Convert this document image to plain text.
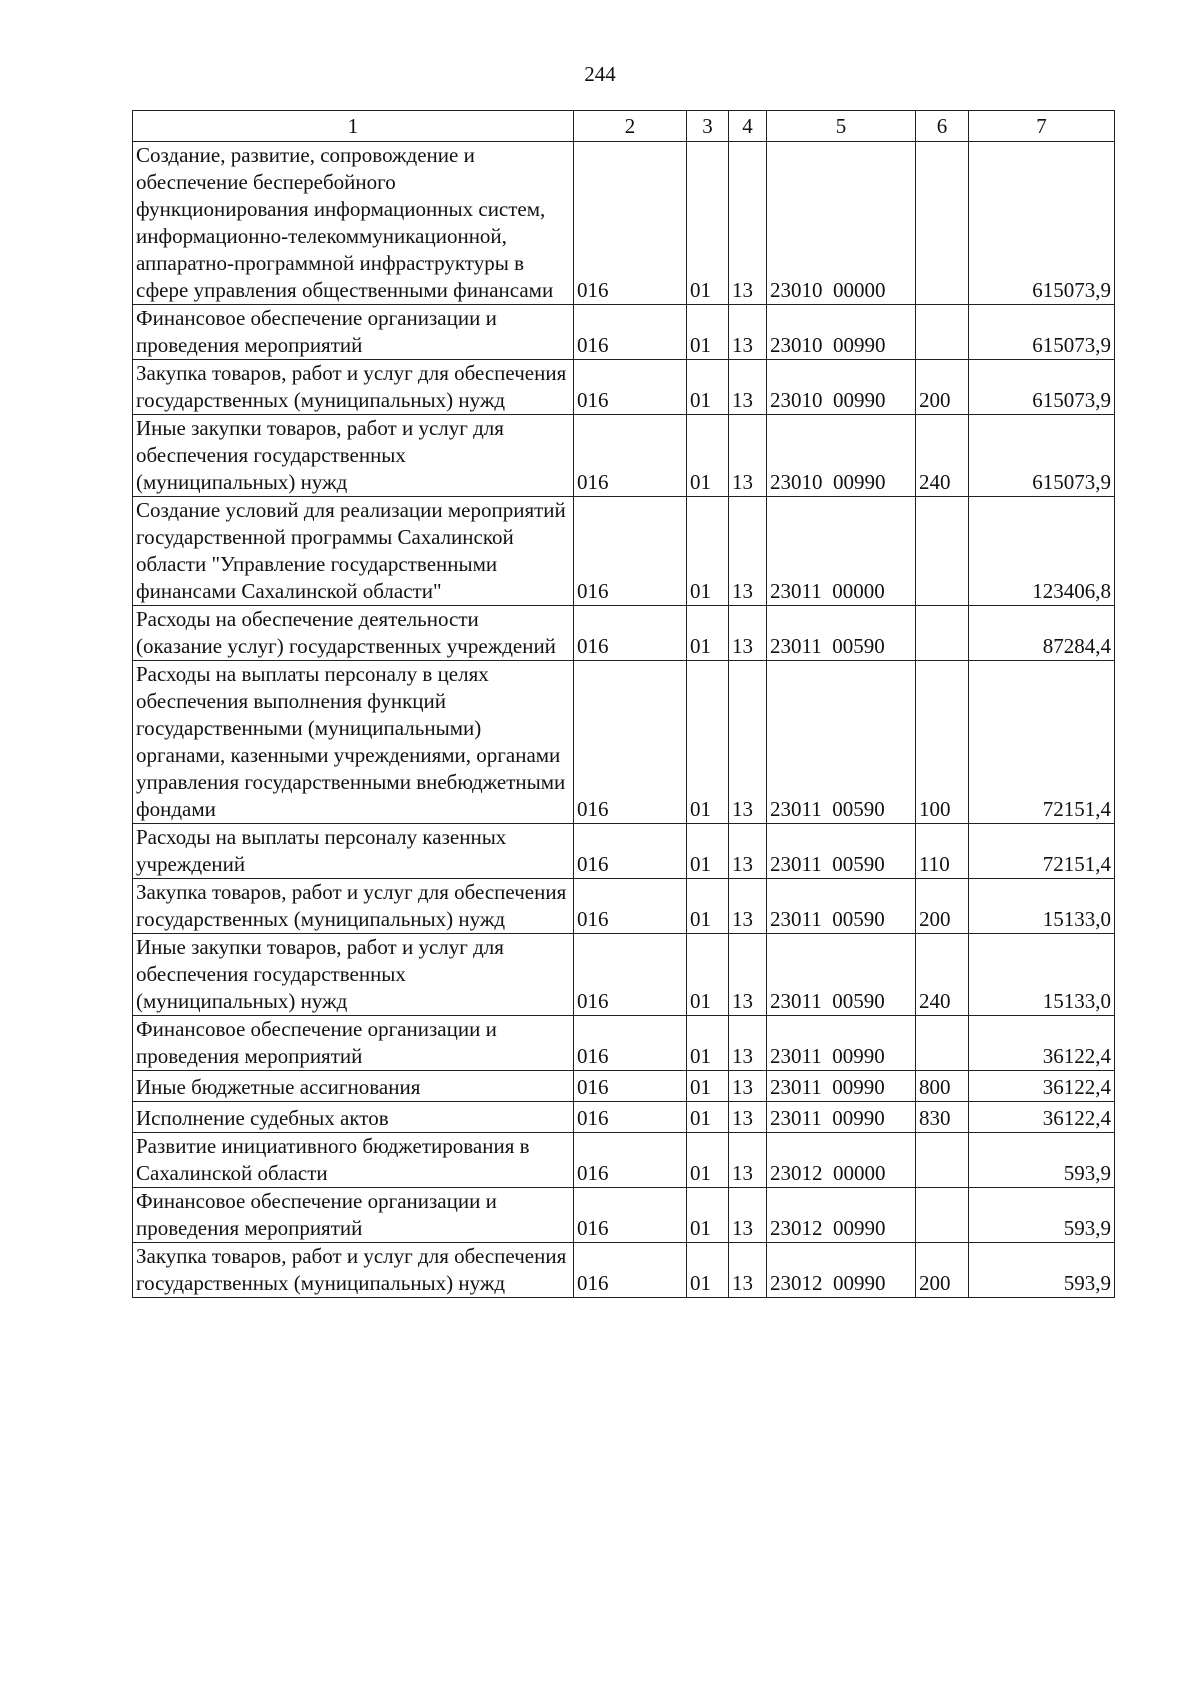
244
1	2	3	4	5	6	7
Создание, развитие, сопровождение и обеспечение бесперебойного функционирования информационных систем, информационно-телекоммуникационной, аппаратно-программной инфраструктуры в сфере управления общественными финансами	016	01	13	23010  00000		615073,9
Финансовое обеспечение организации и проведения мероприятий	016	01	13	23010  00990		615073,9
Закупка товаров, работ и услуг для обеспечения государственных (муниципальных) нужд	016	01	13	23010  00990	200	615073,9
Иные закупки товаров, работ и услуг для обеспечения государственных (муниципальных) нужд	016	01	13	23010  00990	240	615073,9
Создание условий для реализации мероприятий государственной программы Сахалинской области "Управление государственными финансами Сахалинской области"	016	01	13	23011  00000		123406,8
Расходы на обеспечение деятельности (оказание услуг) государственных учреждений	016	01	13	23011  00590		87284,4
Расходы на выплаты персоналу в целях обеспечения выполнения функций государственными (муниципальными) органами, казенными учреждениями, органами управления государственными внебюджетными фондами	016	01	13	23011  00590	100	72151,4
Расходы на выплаты персоналу казенных учреждений	016	01	13	23011  00590	110	72151,4
Закупка товаров, работ и услуг для обеспечения государственных (муниципальных) нужд	016	01	13	23011  00590	200	15133,0
Иные закупки товаров, работ и услуг для обеспечения государственных (муниципальных) нужд	016	01	13	23011  00590	240	15133,0
Финансовое обеспечение организации и проведения мероприятий	016	01	13	23011  00990		36122,4
Иные бюджетные ассигнования	016	01	13	23011  00990	800	36122,4
Исполнение судебных актов	016	01	13	23011  00990	830	36122,4
Развитие инициативного бюджетирования в Сахалинской области	016	01	13	23012  00000		593,9
Финансовое обеспечение организации и проведения мероприятий	016	01	13	23012  00990		593,9
Закупка товаров, работ и услуг для обеспечения государственных (муниципальных) нужд	016	01	13	23012  00990	200	593,9
